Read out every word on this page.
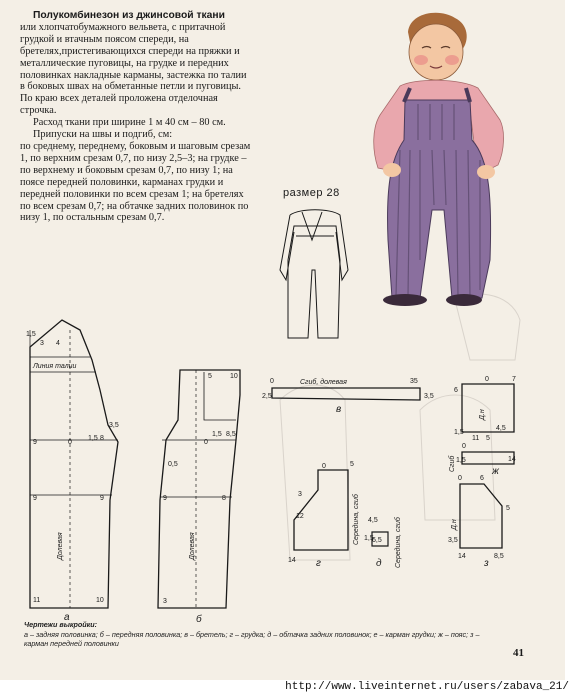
Полукомбинезон из джинсовой ткани

или хлопчатобумажного вельвета, с притачной грудкой и втачным поясом спереди, на бретелях,пристегивающихся спереди на пряжки и металлические пуговицы, на грудке и передних половинках накладные карманы, застежка по талии в боковых швах на обметанные петли и пуговицы. По краю всех деталей проложена отделочная строчка.

Расход ткани при ширине 1 м 40 см – 80 см.

Припуски на швы и подгиб, см:

по среднему, переднему, боковым и шаговым срезам 1, по верхним срезам 0,7, по низу 2,5–3; на грудке – по верхнему и боковым срезам 0,7, по низу 1; на поясе передней половинки, карманах грудки и передней половинки по всем срезам 1; на бретелях по всем срезам 0,7; на обтачке задних половинок по низу 1, по остальным срезам 0,7.

размер 28
1,5
4
3
Линия талии
9	0
1,5 8
3,5
9	9
11	10
Долевая
а
5	10
0
1,5 8,5
0,5
8
9
3
Долевая
б
0	35
2,5	3,5
Сгиб, долевая
в
0	5
3
12
14
Середина, сгиб
г
4,5
6,5
1,5	Середина, сгиб
д
0
6
7
1,5
4,5
11 5
Д.н
0
14
1,5
Сгиб	ж
0	6
5
3,5
14	8,5
Д.н
з
Чертежи выкройки:
а – задняя половинка; б – передняя половинка; в – бретель; г – грудка; д – обтачка задних половинок; е – карман грудки; ж – пояс; з – карман передней половинки
41
http://www.liveinternet.ru/users/zabava_21/
